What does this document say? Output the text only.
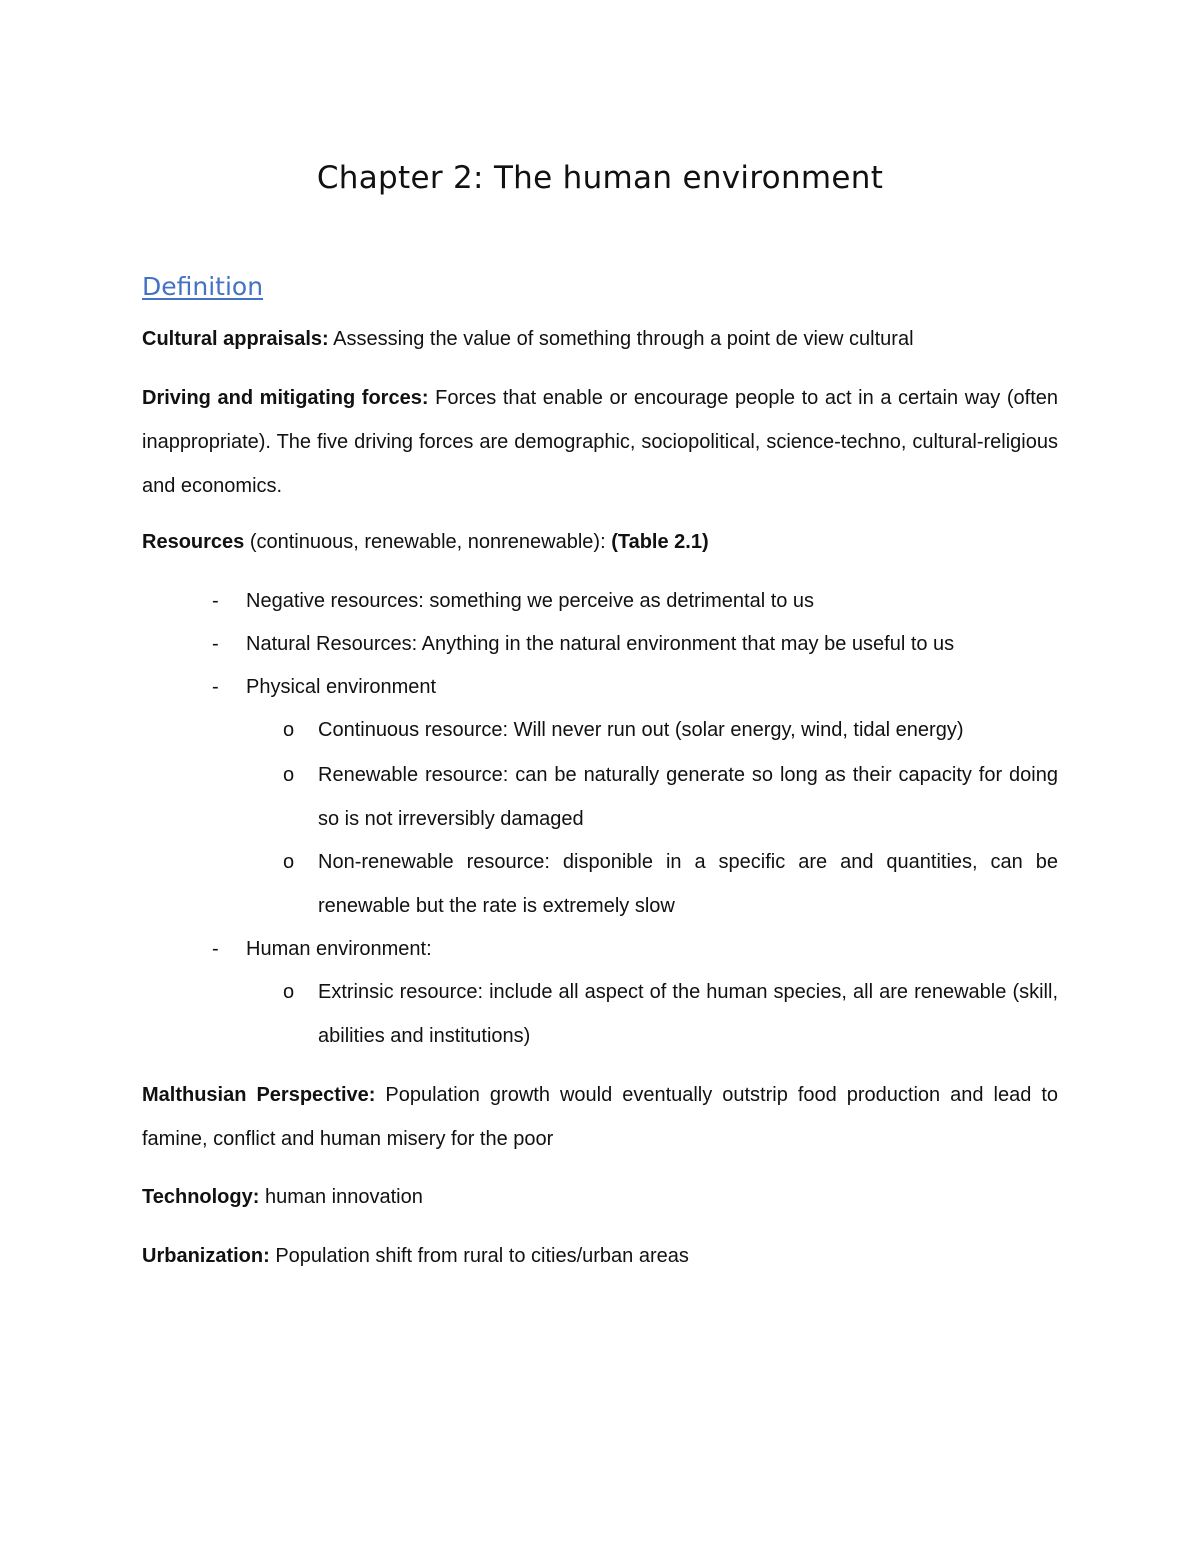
Chapter 2: The human environment
Definition
Cultural appraisals: Assessing the value of something through a point de view cultural
Driving and mitigating forces: Forces that enable or encourage people to act in a certain way (often inappropriate). The five driving forces are demographic, sociopolitical, science-techno, cultural-religious and economics.
Resources (continuous, renewable, nonrenewable): (Table 2.1)
- Negative resources: something we perceive as detrimental to us
- Natural Resources: Anything in the natural environment that may be useful to us
- Physical environment
o Continuous resource: Will never run out (solar energy, wind, tidal energy)
o Renewable resource: can be naturally generate so long as their capacity for doing so is not irreversibly damaged
o Non-renewable resource: disponible in a specific are and quantities, can be renewable but the rate is extremely slow
- Human environment:
o Extrinsic resource: include all aspect of the human species, all are renewable (skill, abilities and institutions)
Malthusian Perspective: Population growth would eventually outstrip food production and lead to famine, conflict and human misery for the poor
Technology: human innovation
Urbanization: Population shift from rural to cities/urban areas
